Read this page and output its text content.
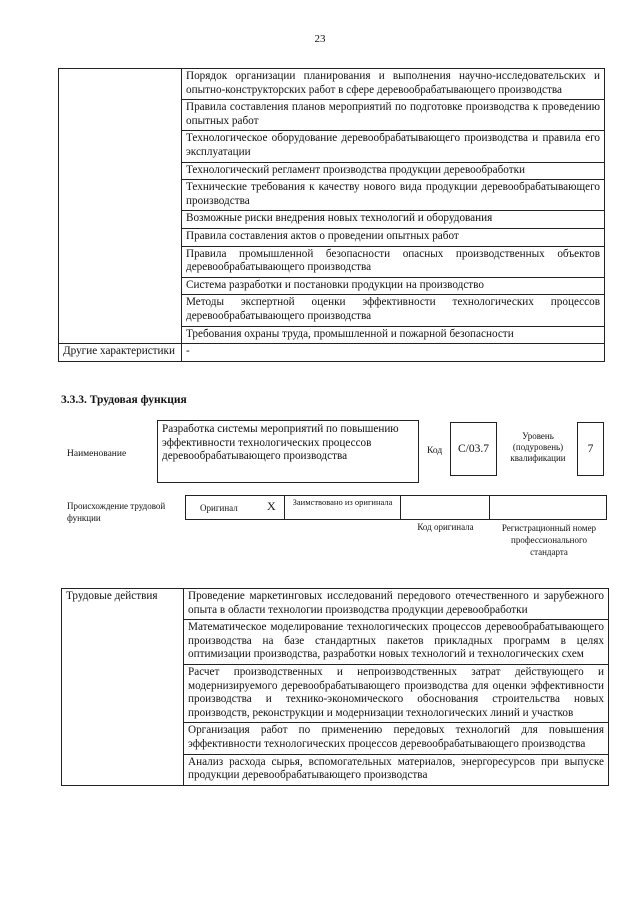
23
	Порядок организации планирования и выполнения научно-исследовательских и опытно-конструкторских работ в сфере деревообрабатывающего производства
	Правила составления планов мероприятий по подготовке производства к проведению опытных работ
	Технологическое оборудование деревообрабатывающего производства и правила его эксплуатации
	Технологический регламент производства продукции деревообработки
	Технические требования к качеству нового вида продукции деревообрабатывающего производства
	Возможные риски внедрения новых технологий и оборудования
	Правила составления актов о проведении опытных работ
	Правила промышленной безопасности опасных производственных объектов деревообрабатывающего производства
	Система разработки и постановки продукции на производство
	Методы экспертной оценки эффективности технологических процессов деревообрабатывающего производства
	Требования охраны труда, промышленной и пожарной безопасности
Другие характеристики	-
3.3.3. Трудовая функция
Наименование
Разработка системы мероприятий по повышению эффективности технологических процессов деревообрабатывающего производства	Код	С/03.7
Уровень (подуровень) квалификации
7
Происхождение трудовой функции
Оригинал X	Заимствовано из оригинала
Код оригинала	Регистрационный номер профессионального стандарта
Трудовые действия	Проведение маркетинговых исследований передового отечественного и зарубежного опыта в области технологии производства продукции деревообработки
Математическое моделирование технологических процессов деревообрабатывающего производства на базе стандартных пакетов прикладных программ в целях оптимизации производства, разработки новых технологий и технологических схем
Расчет производственных и непроизводственных затрат действующего и модернизируемого деревообрабатывающего производства для оценки эффективности производства и технико-экономического обоснования строительства новых производств, реконструкции и модернизации технологических линий и участков
Организация работ по применению передовых технологий для повышения эффективности технологических процессов деревообрабатывающего производства
Анализ расхода сырья, вспомогательных материалов, энергоресурсов при выпуске продукции деревообрабатывающего производства
